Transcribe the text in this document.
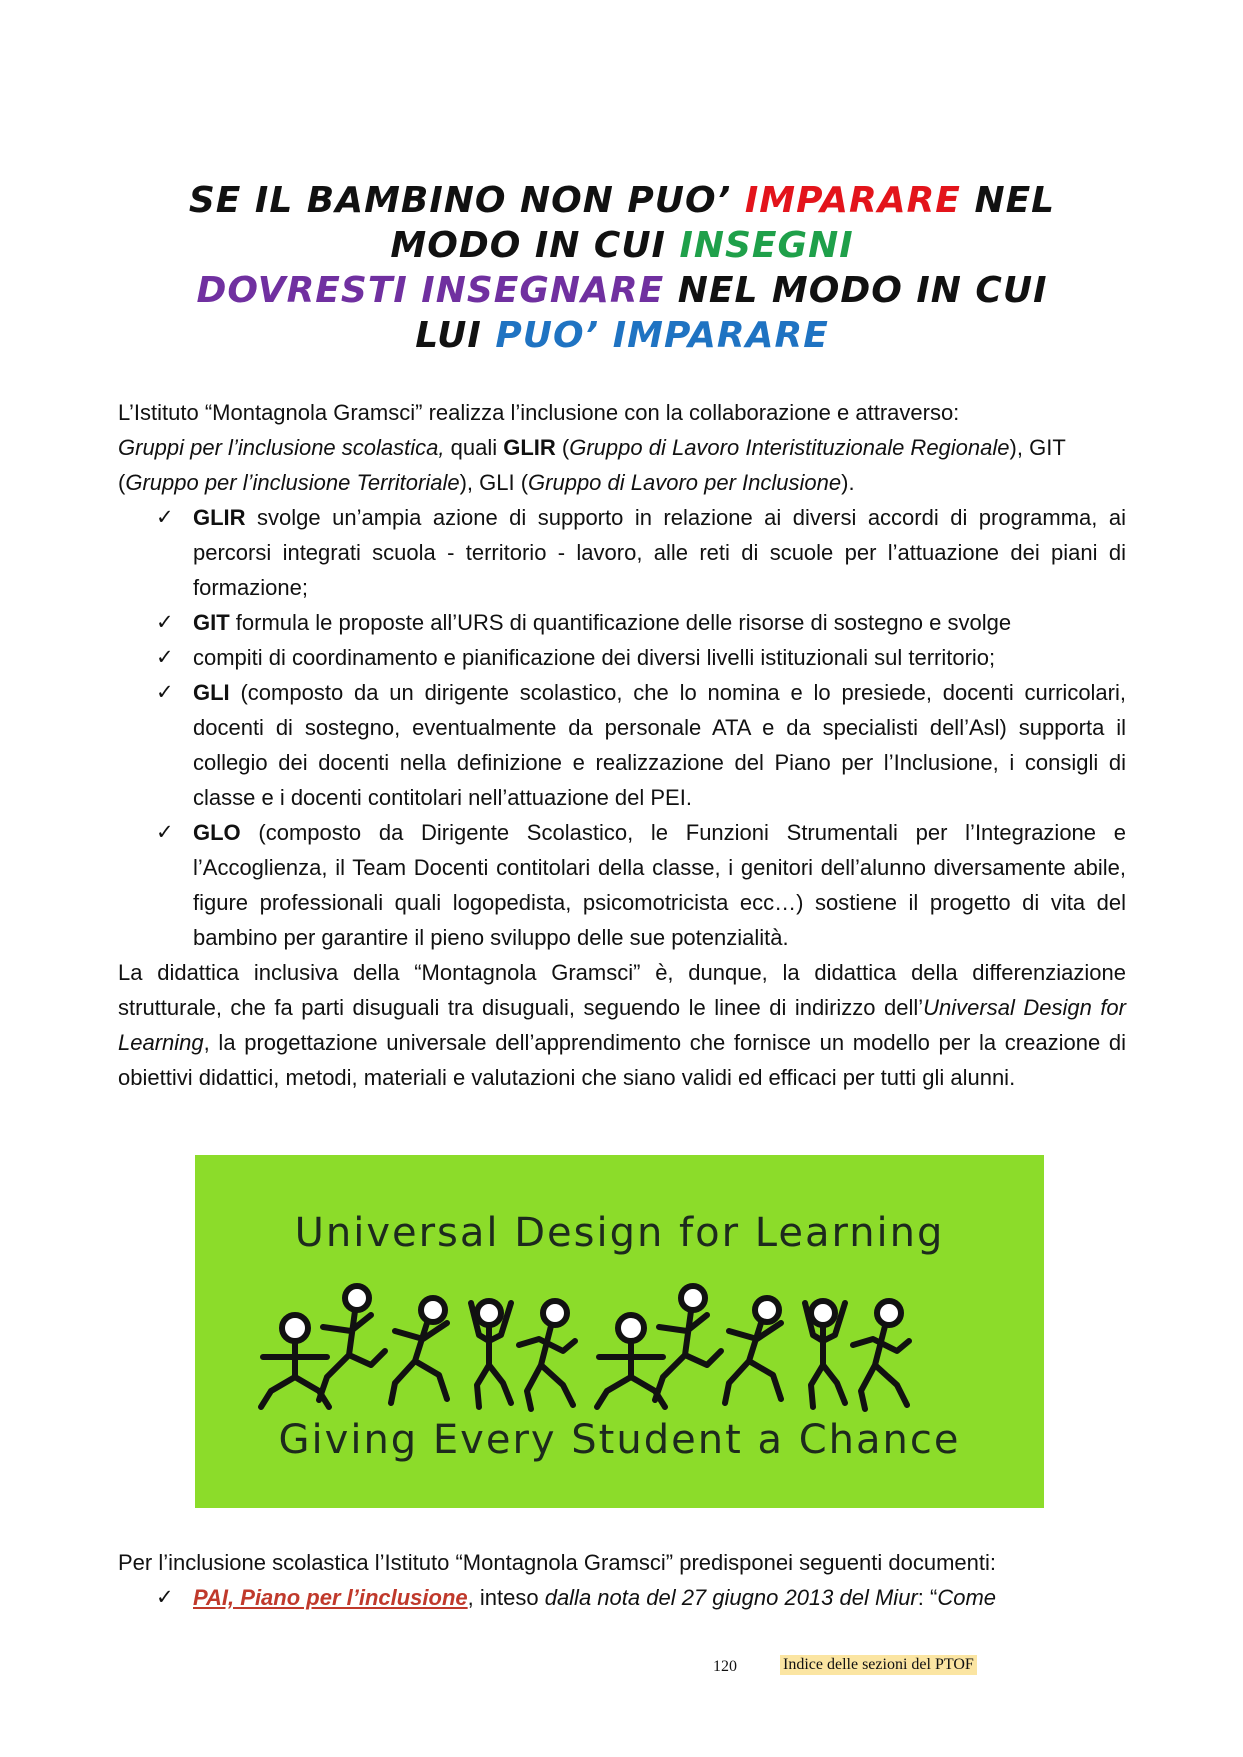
SE IL BAMBINO NON PUO’ IMPARARE NEL
MODO IN CUI INSEGNI
DOVRESTI INSEGNARE NEL MODO IN CUI
LUI PUO’ IMPARARE

L’Istituto “Montagnola Gramsci” realizza l’inclusione con la collaborazione e attraverso:
Gruppi per l’inclusione scolastica, quali GLIR (Gruppo di Lavoro Interistituzionale Regionale), GIT (Gruppo per l’inclusione Territoriale), GLI (Gruppo di Lavoro per Inclusione).

✓ GLIR svolge un’ampia azione di supporto in relazione ai diversi accordi di programma, ai percorsi integrati scuola - territorio - lavoro, alle reti di scuole per l’attuazione dei piani di formazione;
✓ GIT formula le proposte all’URS di quantificazione delle risorse di sostegno e svolge
✓ compiti di coordinamento e pianificazione dei diversi livelli istituzionali sul territorio;
✓ GLI (composto da un dirigente scolastico, che lo nomina e lo presiede, docenti curricolari, docenti di sostegno, eventualmente da personale ATA e da specialisti dell’Asl) supporta il collegio dei docenti nella definizione e realizzazione del Piano per l’Inclusione, i consigli di classe e i docenti contitolari nell’attuazione del PEI.
✓ GLO (composto da Dirigente Scolastico, le Funzioni Strumentali per l’Integrazione e l’Accoglienza, il Team Docenti contitolari della classe, i genitori dell’alunno diversamente abile, figure professionali quali logopedista, psicomotricista ecc…) sostiene il progetto di vita del bambino per garantire il pieno sviluppo delle sue potenzialità.

La didattica inclusiva della “Montagnola Gramsci” è, dunque, la didattica della differenziazione strutturale, che fa parti disuguali tra disuguali, seguendo le linee di indirizzo dell’Universal Design for Learning, la progettazione universale dell’apprendimento che fornisce un modello per la creazione di obiettivi didattici, metodi, materiali e valutazioni che siano validi ed efficaci per tutti gli alunni.

Universal Design for Learning
Giving Every Student a Chance

Per l’inclusione scolastica l’Istituto “Montagnola Gramsci” predisponei seguenti documenti:
✓ PAI, Piano per l’inclusione, inteso dalla nota del 27 giugno 2013 del Miur: “Come

120	Indice delle sezioni del PTOF
